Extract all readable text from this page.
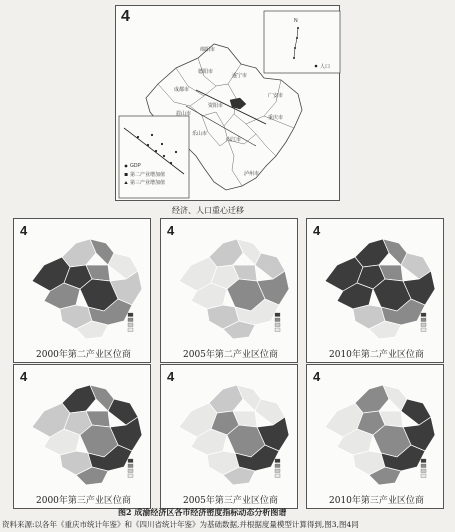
4
绵阳市
德阳市
成都市
遂宁市
广安市
眉山市
资阳市
重庆市
泸州市
内江市
乐山市
N
人口
GDP
第二产业增加值
第三产业增加值
经济、人口重心迁移
4
2000年第二产业区位商
4
2005年第二产业区位商
4
2010年第二产业区位商
4
2000年第三产业区位商
4
2005年第三产业区位商
4
2010年第三产业区位商
图2 成渝经济区各市经济密度指标动态分析图谱
资料来源:以各年《重庆市统计年鉴》和《四川省统计年鉴》为基础数据,并根据度量模型计算得到,图3,图4同
